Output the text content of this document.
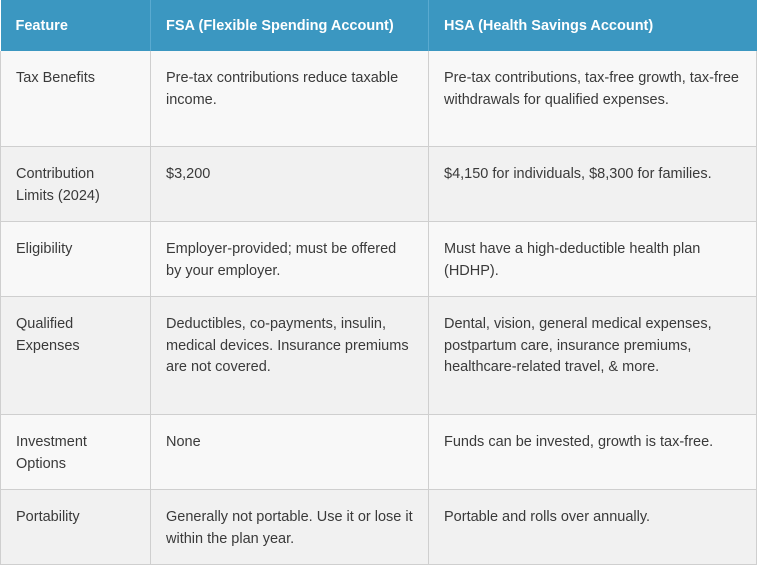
Feature	FSA (Flexible Spending Account)	HSA (Health Savings Account)
Tax Benefits	Pre-tax contributions reduce taxable income.	Pre-tax contributions, tax-free growth, tax-free withdrawals for qualified expenses.
Contribution Limits (2024)	$3,200	$4,150 for individuals, $8,300 for families.
Eligibility	Employer-provided; must be offered by your employer.	Must have a high-deductible health plan (HDHP).
Qualified Expenses	Deductibles, co-payments, insulin, medical devices. Insurance premiums are not covered.	Dental, vision, general medical expenses, postpartum care, insurance premiums, healthcare-related travel, & more.
Investment Options	None	Funds can be invested, growth is tax-free.
Portability	Generally not portable. Use it or lose it within the plan year.	Portable and rolls over annually.
